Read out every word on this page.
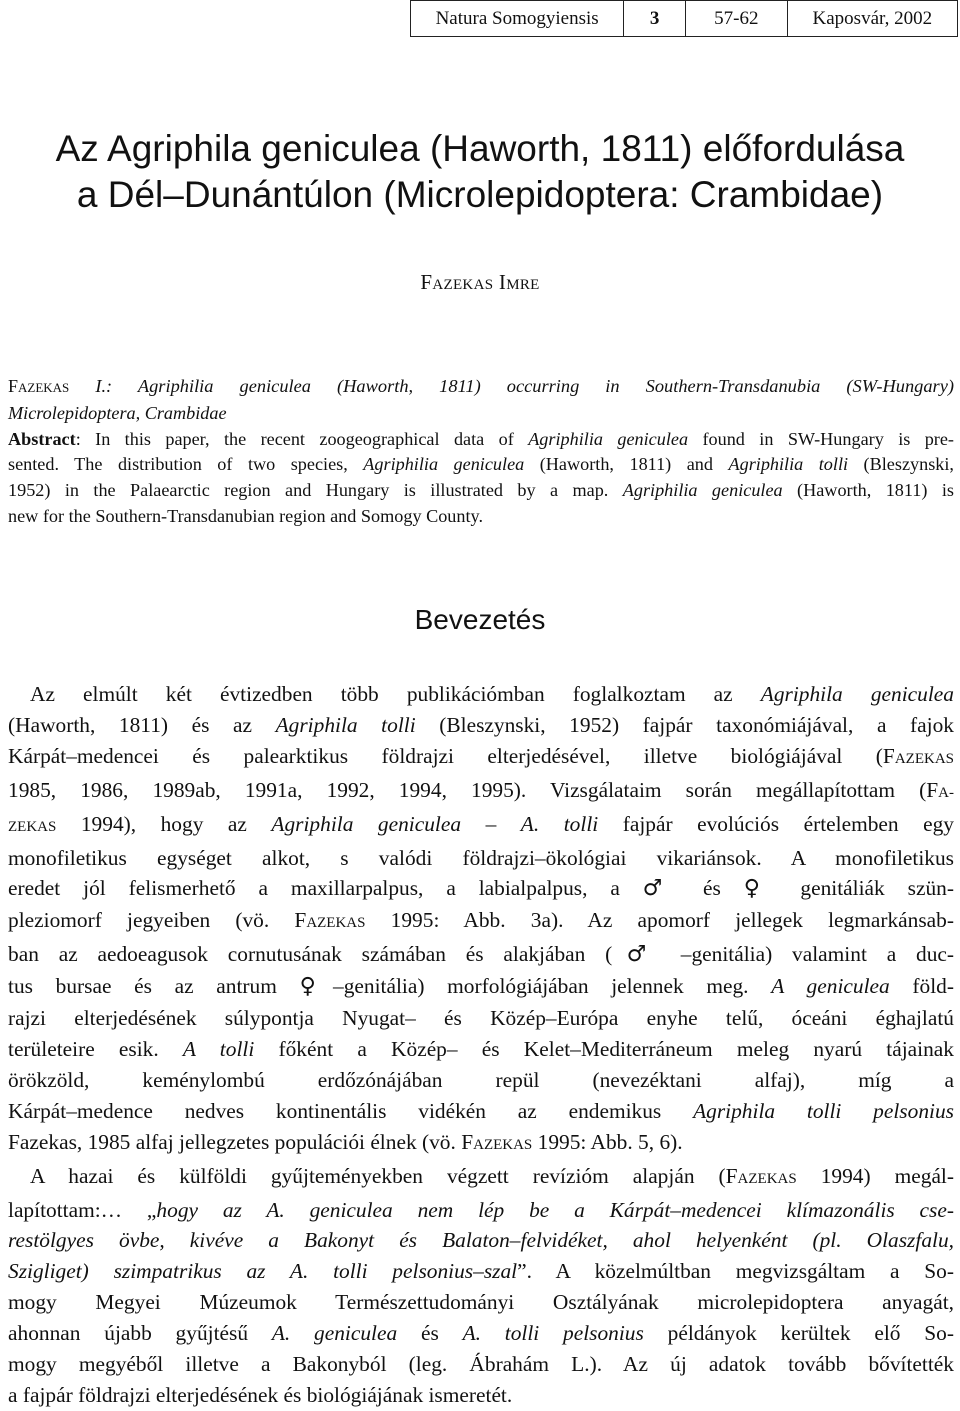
Natura Somogyiensis	3	57-62	Kaposvár, 2002
Az Agriphila geniculea (Haworth, 1811) előfordulása
a Dél–Dunántúlon (Microlepidoptera: Crambidae)
FAZEKAS IMRE

FAZEKAS I.: Agriphilia geniculea (Haworth, 1811) occurring in Southern-Transdanubia (SW-Hungary)

Microlepidoptera, Crambidae

Abstract: In this paper, the recent zoogeographical data of Agriphilia geniculea found in SW-Hungary is pre-

sented. The distribution of two species, Agriphilia geniculea (Haworth, 1811) and Agriphilia tolli (Bleszynski,

1952) in the Palaearctic region and Hungary is illustrated by a map. Agriphilia geniculea (Haworth, 1811) is

new for the Southern-Transdanubian region and Somogy County.

Bevezetés
Az elmúlt két évtizedben több publikációmban foglalkoztam az Agriphila geniculea
(Haworth, 1811) és az Agriphila tolli (Bleszynski, 1952) fajpár taxonómiájával, a fajok
Kárpát–medencei és palearktikus földrajzi elterjedésével, illetve biológiájával (FAZEKAS
1985, 1986, 1989ab, 1991a, 1992, 1994, 1995). Vizsgálataim során megállapítottam (FA-
ZEKAS 1994), hogy az Agriphila geniculea – A. tolli fajpár evolúciós értelemben egy
monofiletikus egységet alkot, s valódi földrajzi–ökológiai vikariánsok. A monofiletikus
eredet jól felismerhető a maxillarpalpus, a labialpalpus, a ♂ és ♀ genitáliák szün-
pleziomorf jegyeiben (vö. FAZEKAS 1995: Abb. 3a). Az apomorf jellegek legmarkánsab-
ban az aedoeagusok cornutusának számában és alakjában (♂ –genitália) valamint a duc-
tus bursae és az antrum ♀–genitália) morfológiájában jelennek meg. A geniculea föld-
rajzi elterjedésének súlypontja Nyugat– és Közép–Európa enyhe telű, óceáni éghajlatú
területeire esik. A tolli főként a Közép– és Kelet–Mediterráneum meleg nyarú tájainak
örökzöld, keménylombú erdőzónájában repül (nevezéktani alfaj), míg a
Kárpát–medence nedves kontinentális vidékén az endemikus Agriphila tolli pelsonius
Fazekas, 1985 alfaj jellegzetes populációi élnek (vö. FAZEKAS 1995: Abb. 5, 6).
A hazai és külföldi gyűjteményekben végzett revízióm alapján (FAZEKAS 1994) megál-
lapítottam:… „hogy az A. geniculea nem lép be a Kárpát–medencei klímazonális cse-
restölgyes övbe, kivéve a Bakonyt és Balaton–felvidéket, ahol helyenként (pl. Olaszfalu,
Szigliget) szimpatrikus az A. tolli pelsonius–szal”. A közelmúltban megvizsgáltam a So-
mogy Megyei Múzeumok Természettudományi Osztályának microlepidoptera anyagát,
ahonnan újabb gyűjtésű A. geniculea és A. tolli pelsonius példányok kerültek elő So-
mogy megyéből illetve a Bakonyból (leg. Ábrahám L.). Az új adatok tovább bővítették
a fajpár földrajzi elterjedésének és biológiájának ismeretét.
